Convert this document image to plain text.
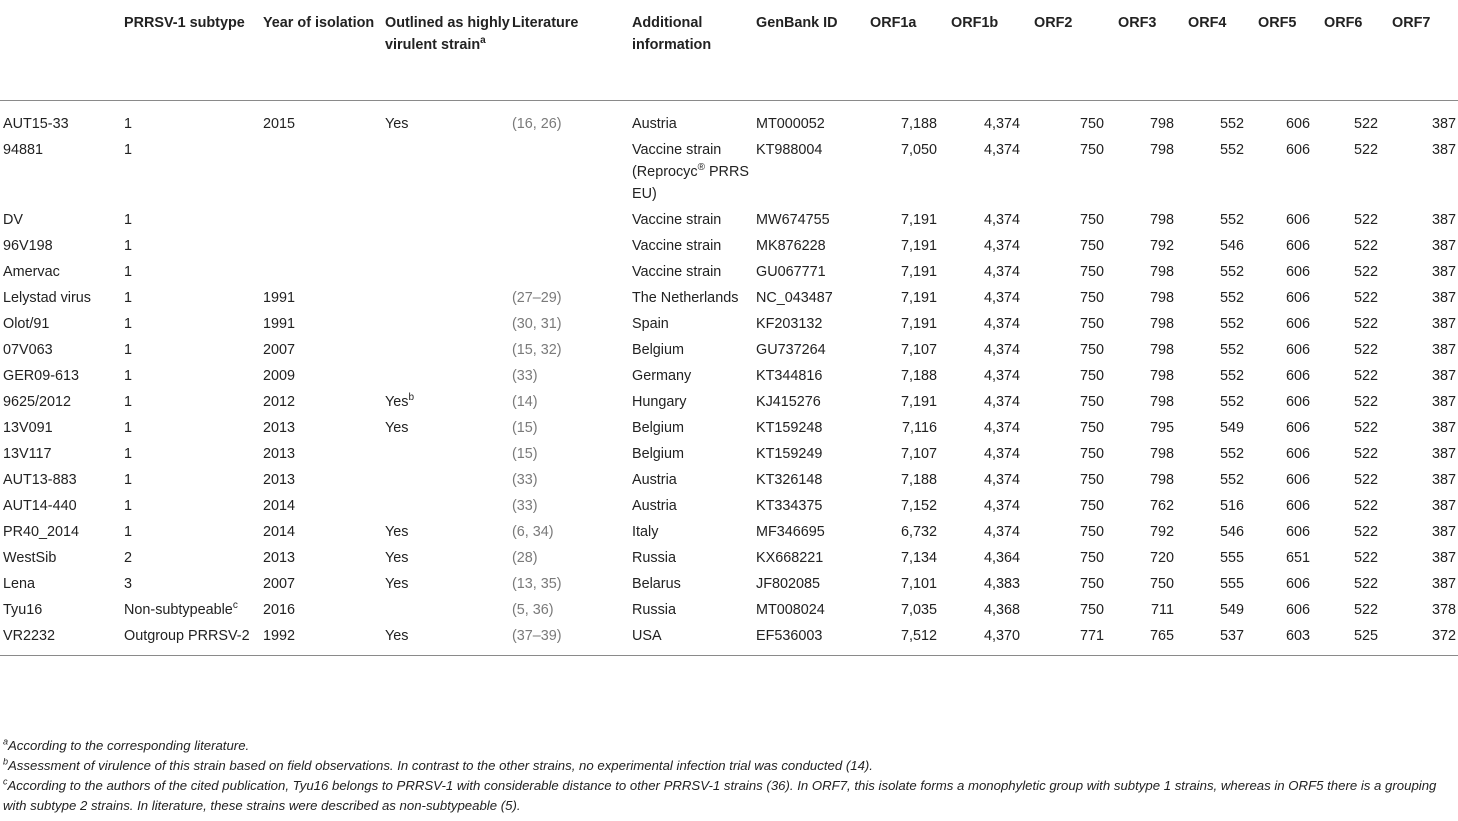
	PRRSV-1 subtype	Year of isolation	Outlined as highly virulent strain$^a$	Literature	Additional information	GenBank ID	ORF1a	ORF1b	ORF2	ORF3	ORF4	ORF5	ORF6	ORF7
AUT15-33	1	2015	Yes	(16, 26)	Austria	MT000052	7,188	4,374	750	798	552	606	522	387
94881	1				Vaccine strain (Reprocyc® PRRS EU)	KT988004	7,050	4,374	750	798	552	606	522	387
DV	1				Vaccine strain	MW674755	7,191	4,374	750	798	552	606	522	387
96V198	1				Vaccine strain	MK876228	7,191	4,374	750	792	546	606	522	387
Amervac	1				Vaccine strain	GU067771	7,191	4,374	750	798	552	606	522	387
Lelystad virus	1	1991		(27–29)	The Netherlands	NC_043487	7,191	4,374	750	798	552	606	522	387
Olot/91	1	1991		(30, 31)	Spain	KF203132	7,191	4,374	750	798	552	606	522	387
07V063	1	2007		(15, 32)	Belgium	GU737264	7,107	4,374	750	798	552	606	522	387
GER09-613	1	2009		(33)	Germany	KT344816	7,188	4,374	750	798	552	606	522	387
9625/2012	1	2012	Yes$^b$	(14)	Hungary	KJ415276	7,191	4,374	750	798	552	606	522	387
13V091	1	2013	Yes	(15)	Belgium	KT159248	7,116	4,374	750	795	549	606	522	387
13V117	1	2013		(15)	Belgium	KT159249	7,107	4,374	750	798	552	606	522	387
AUT13-883	1	2013		(33)	Austria	KT326148	7,188	4,374	750	798	552	606	522	387
AUT14-440	1	2014		(33)	Austria	KT334375	7,152	4,374	750	762	516	606	522	387
PR40_2014	1	2014	Yes	(6, 34)	Italy	MF346695	6,732	4,374	750	792	546	606	522	387
WestSib	2	2013	Yes	(28)	Russia	KX668221	7,134	4,364	750	720	555	651	522	387
Lena	3	2007	Yes	(13, 35)	Belarus	JF802085	7,101	4,383	750	750	555	606	522	387
Tyu16	Non-subtypeable$^c$	2016		(5, 36)	Russia	MT008024	7,035	4,368	750	711	549	606	522	378
VR2232	Outgroup PRRSV-2	1992	Yes	(37–39)	USA	EF536003	7,512	4,370	771	765	537	603	525	372

$^a$According to the corresponding literature.

$^b$Assessment of virulence of this strain based on field observations. In contrast to the other strains, no experimental infection trial was conducted (14).

$^c$According to the authors of the cited publication, Tyu16 belongs to PRRSV-1 with considerable distance to other PRRSV-1 strains (36). In ORF7, this isolate forms a monophyletic group with subtype 1 strains, whereas in ORF5 there is a grouping with subtype 2 strains. In literature, these strains were described as non-subtypeable (5).
